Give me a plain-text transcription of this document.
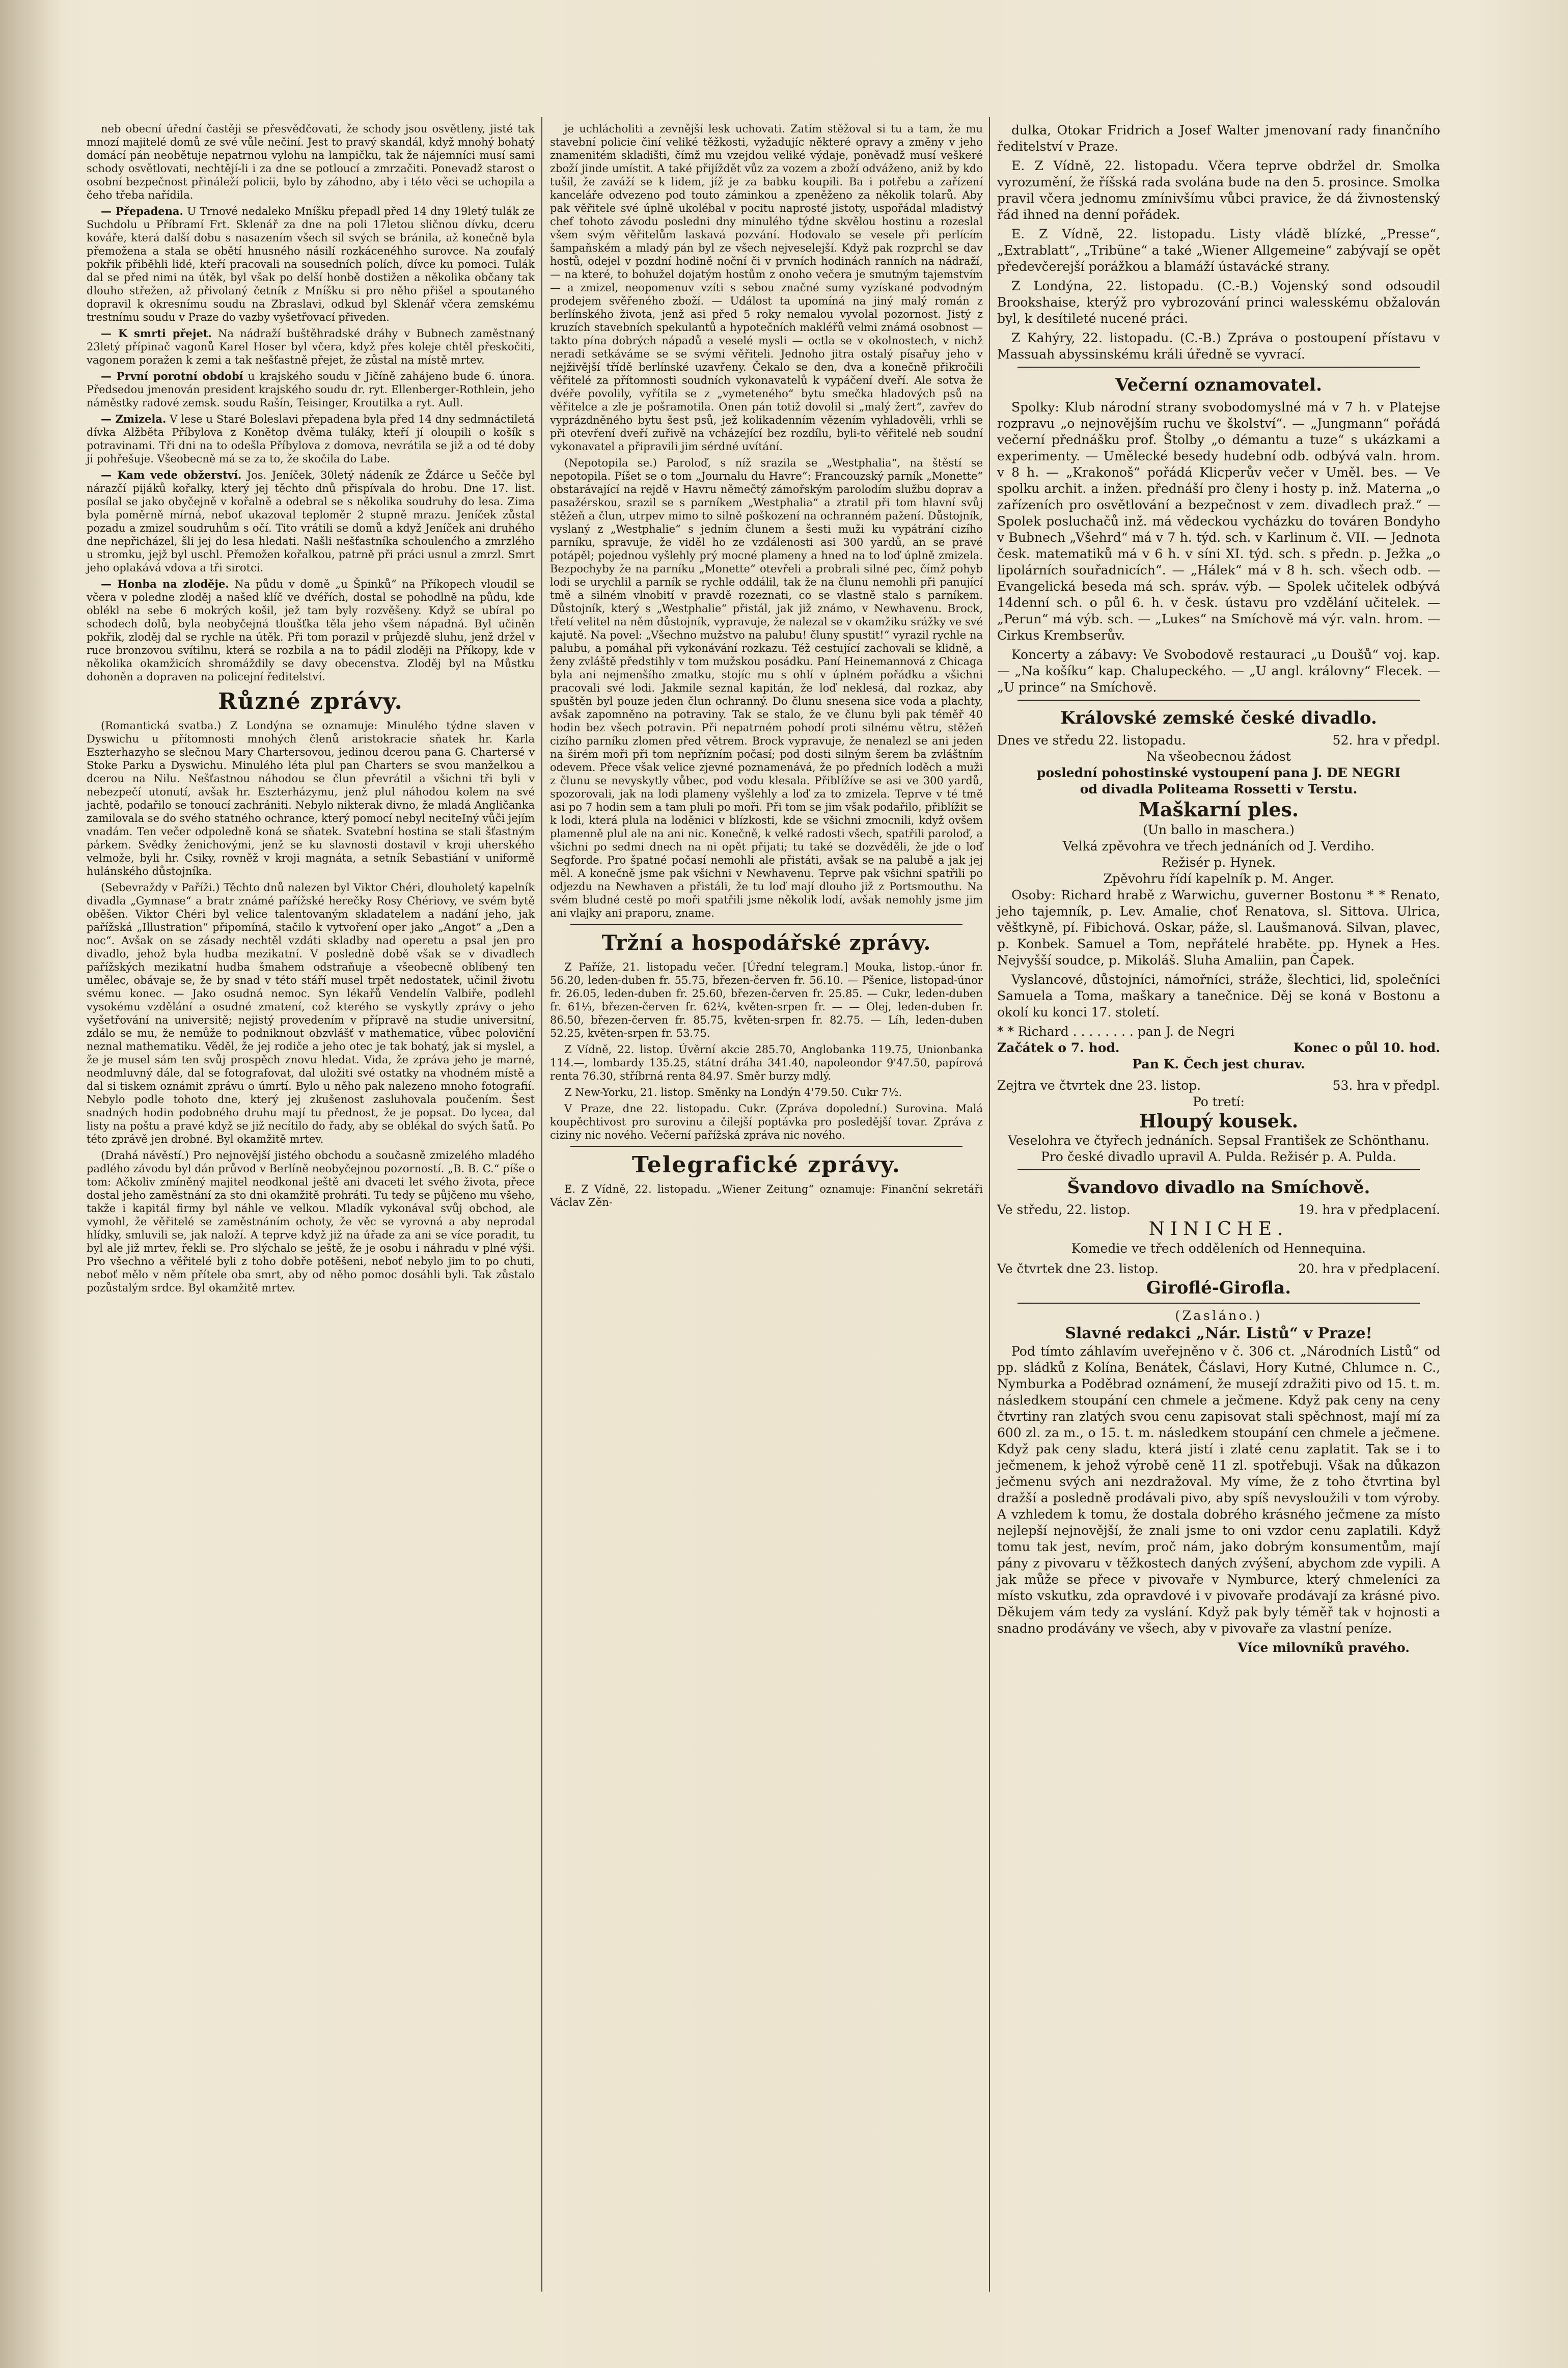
neb obecní úřední častěji se přesvědčovati, že schody jsou osvětleny, jisté tak mnozí majitelé domů ze své vůle nečiní. Jest to pravý skandál, když mnohý bohatý domácí pán neobětuje nepatrnou vylohu na lampičku, tak že nájemníci musí sami schody osvětlovati, nechtějí-li i za dne se potloucí a zmrzačiti. Ponevadž starost o osobní bezpečnost přináleží policii, bylo by záhodno, aby i této věci se uchopila a čeho třeba nařídila.

— Přepadena. U Trnové nedaleko Mníšku přepadl před 14 dny 19letý tulák ze Suchdolu u Příbramí Frt. Sklenář za dne na poli 17letou sličnou dívku, dceru kováře, která další dobu s nasazením všech sil svých se bránila, až konečně byla přemožena a stala se obětí hnusného násilí rozkácenéhho surovce. Na zoufalý pokřik přiběhli lidé, kteří pracovali na sousedních polích, dívce ku pomoci. Tulák dal se před nimi na útěk, byl však po delší honbě dostižen a několika občany tak dlouho střežen, až přivolaný četník z Mníšku si pro něho přišel a spoutaného dopravil k okresnímu soudu na Zbraslavi, odkud byl Sklenář včera zemskému trestnímu soudu v Praze do vazby vyšetřovací přiveden.

— K smrti přejet. Na nádraží buštěhradské dráhy v Bubnech zaměstnaný 23letý přípinač vagonů Karel Hoser byl včera, když přes koleje chtěl přeskočiti, vagonem poražen k zemi a tak nešťastně přejet, že zůstal na místě mrtev.

— První porotní období u krajského soudu v Jičíně zahájeno bude 6. února. Předsedou jmenován president krajského soudu dr. ryt. Ellenberger-Rothlein, jeho náměstky radové zemsk. soudu Rašín, Teisinger, Kroutilka a ryt. Aull.

— Zmizela. V lese u Staré Boleslavi přepadena byla před 14 dny sedmnáctiletá dívka Alžběta Příbylova z Konětop dvěma tuláky, kteří jí oloupili o košík s potravinami. Tři dni na to odešla Příbylova z domova, nevrátila se již a od té doby ji pohřešuje. Všeobecně má se za to, že skočila do Labe.

— Kam vede obžerství. Jos. Jeníček, 30letý nádeník ze Ždárce u Sečče byl nárazčí pijáků kořalky, který jej těchto dnů přispívala do hrobu. Dne 17. list. posílal se jako obyčejně v kořalně a odebral se s několika soudruhy do lesa. Zima byla poměrně mírná, neboť ukazoval teploměr 2 stupně mrazu. Jeníček zůstal pozadu a zmizel soudruhům s očí. Tito vrátili se domů a když Jeníček ani druhého dne nepřicházel, šli jej do lesa hledati. Našli nešťastníka schoulenćho a zmrzlého u stromku, jejž byl uschl. Přemožen kořalkou, patrně při práci usnul a zmrzl. Smrt jeho oplakává vdova a tři sirotci.

— Honba na zloděje. Na půdu v domě „u Špinků“ na Příkopech vloudil se včera v poledne zloděj a našed klíč ve dvéřích, dostal se pohodlně na půdu, kde oblékl na sebe 6 mokrých košil, jež tam byly rozvěšeny. Když se ubíral po schodech dolů, byla neobyčejná tloušťka těla jeho všem nápadná. Byl učiněn pokřik, zloděj dal se rychle na útěk. Při tom porazil v průjezdě sluhu, jenž držel v ruce bronzovou svítilnu, která se rozbila a na to pádil zloději na Příkopy, kde v několika okamžicích shromáždily se davy obecenstva. Zloděj byl na Můstku dohoněn a dopraven na policejní ředitelství.

Různé zprávy.

(Romantická svatba.) Z Londýna se oznamuje: Minulého týdne slaven v Dyswichu u přítomnosti mnohých členů aristokracie sňatek hr. Karla Eszterhazyho se slečnou Mary Chartersovou, jedinou dcerou pana G. Chartersé v Stoke Parku a Dyswichu. Minulého léta plul pan Charters se svou manželkou a dcerou na Nilu. Nešťastnou náhodou se člun převrátil a všichni tři byli v nebezpečí utonutí, avšak hr. Eszterházymu, jenž plul náhodou kolem na své jachtě, podařilo se tonoucí zachrániti. Nebylo nikterak divno, že mladá Angličanka zamilovala se do svého statného ochrance, který pomocí nebyl neciteIný vůči jejím vnadám. Ten večer odpoledně koná se sňatek. Svatební hostina se stali šťastným párkem. Svědky ženichovými, jenž se ku slavnosti dostavil v kroji uherského velmože, byli hr. Csiky, rovněž v kroji magnáta, a setník Sebastiání v uniformě hulánského důstojníka.

(Sebevraždy v Paříži.) Těchto dnů nalezen byl Viktor Chéri, dlouholetý kapelník divadla „Gymnase“ a bratr známé pařížské herečky Rosy Chériovy, ve svém bytě oběšen. Viktor Chéri byl velice talentovaným skladatelem a nadání jeho, jak pařížská „Illustration“ připomíná, stačilo k vytvoření oper jako „Angot“ a „Den a noc“. Avšak on se zásady nechtěl vzdáti skladby nad operetu a psal jen pro divadlo, jehož byla hudba mezikatní. V posledně době však se v divadlech pařížských mezikatní hudba šmahem odstraňuje a všeobecně oblíbený ten umělec, obávaje se, že by snad v této stáří musel trpět nedostatek, učinil životu svému konec. — Jako osudná nemoc. Syn lékařů Vendelín Valbiře, podlehl vysokému vzdělání a osudné zmatení, což kterého se vyskytly zprávy o jeho vyšetřování na universitě; nejistý provedením v přípravě na studie universitní, zdálo se mu, že nemůže to podniknout obzvlášť v mathematice, vůbec poloviční neznal mathematiku. Věděl, že jej rodiče a jeho otec je tak bohatý, jak si myslel, a že je musel sám ten svůj prospěch znovu hledat. Vida, že zpráva jeho je marné, neodmluvný dále, dal se fotografovat, dal uložiti své ostatky na vhodném místě a dal si tiskem oznámit zprávu o úmrtí. Bylo u něho pak nalezeno mnoho fotografií. Nebylo podle tohoto dne, který jej zkušenost zasluhovala poučením. Šest snadných hodin podobného druhu mají tu přednost, že je popsat. Do lycea, dal listy na poštu a pravé když se již necítilo do řady, aby se oblékal do svých šatů. Po této zprávě jen drobné. Byl okamžitě mrtev.

(Drahá návěstí.) Pro nejnovější jistého obchodu a současně zmizelého mladého padlého závodu byl dán průvod v Berlíně neobyčejnou pozorností. „B. B. C.“ píše o tom: Ačkoliv zmíněný majitel neodkonal ještě ani dvaceti let svého života, přece dostal jeho zaměstnání za sto dni okamžitě prohráti. Tu tedy se půjčeno mu všeho, takže i kapitál firmy byl náhle ve velkou. Mladík vykonával svůj obchod, ale vymohl, že věřitelé se zaměstnáním ochoty, že věc se vyrovná a aby neprodal hlídky, smluvili se, jak naloží. A teprve když již na úřade za ani se více poradit, tu byl ale již mrtev, řekli se. Pro slýchalo se ještě, že je osobu i náhradu v plné výši. Pro všechno a věřitelé byli z toho dobře potěšeni, neboť nebylo jim to po chuti, neboť mělo v něm přítele oba smrt, aby od něho pomoc dosáhli byli. Tak zůstalo pozůstalým srdce. Byl okamžitě mrtev.

je uchlácholiti a zevnější lesk uchovati. Zatím stěžoval si tu a tam, že mu stavební policie činí veliké těžkosti, vyžadujíc některé opravy a změny v jeho znamenitém skladišti, čímž mu vzejdou veliké výdaje, poněvadž musí veškeré zboží jinde umístit. A také přijíždět vůz za vozem a zboží odváženo, aniž by kdo tušil, že zaváží se k lidem, jíž je za babku koupili. Ba i potřebu a zařízení kanceláře odvezeno pod touto záminkou a zpeněženo za několik tolarů. Aby pak věřitele své úplně ukolébal v pocitu naprosté jistoty, uspořádal mladistvý chef tohoto závodu posledni dny minulého týdne skvělou hostinu a rozeslal všem svým věřitelům laskavá pozvání. Hodovalo se vesele při perlícím šampaňském a mladý pán byl ze všech nejveselejší. Když pak rozprchl se dav hostů, odejel v pozdní hodině noční či v prvních hodinách ranních na nádraží, — na které, to bohužel dojatým hostům z onoho večera je smutným tajemstvím — a zmizel, neopomenuv vzíti s sebou značné sumy vyzískané podvodným prodejem svěřeného zboží. — Událost ta upomíná na jiný malý román z berlínského života, jenž asi před 5 roky nemalou vyvolal pozornost. Jistý z kruzích stavebních spekulantů a hypotečních makléřů velmi známá osobnost — takto pína dobrých nápadů a veselé mysli — octla se v okolnostech, v nichž neradi setkáváme se se svými věřiteli. Jednoho jitra ostalý písařuy jeho v nejživější třídě berlínské uzavřeny. Čekalo se den, dva a konečně přikročili věřitelé za přítomnosti soudních vykonavatelů k vypáčení dveří. Ale sotva že dvéře povolily, vyřítila se z „vymeteného“ bytu smečka hladových psů na věřitelce a zle je pošramotila. Onen pán totiž dovolil si „malý žert“, zavřev do vyprázdněného bytu šest psů, jež kolikadenním vězením vyhladověli, vrhli se při otevření dveří zuřivě na vcházející bez rozdílu, byli-to věřitelé neb soudní vykonavatel a připravili jim sérdné uvítání.

(Nepotopila se.) Paroloď, s níž srazila se „Westphalia“, na štěstí se nepotopila. Píšet se o tom „Journalu du Havre“: Francouzský parník „Monette“ obstarávající na rejdě v Havru němečtý zámořským parolodím službu doprav a pasažérskou, srazil se s parníkem „Westphalia“ a ztratil při tom hlavní svůj stěžeň a člun, utrpev mimo to silně poškození na ochranném pažení. Důstojník, vyslaný z „Westphalie“ s jedním člunem a šesti muži ku vypátrání cizího parníku, spravuje, že viděl ho ze vzdálenosti asi 300 yardů, an se pravé potápěl; pojednou vyšlehly prý mocné plameny a hned na to loď úplně zmizela. Bezpochyby že na parníku „Monette“ otevřeli a probrali silné pec, čímž pohyb lodi se urychlil a parník se rychle oddálil, tak že na člunu nemohli při panující tmě a silném vlnobití v pravdě rozeznati, co se vlastně stalo s parníkem. Důstojník, který s „Westphalie“ přistál, jak již známo, v Newhavenu. Brock, třetí velitel na něm důstojník, vypravuje, že nalezal se v okamžiku srážky ve své kajutě. Na povel: „Všechno mužstvo na palubu! čluny spustit!“ vyrazil rychle na palubu, a pomáhal při vykonávání rozkazu. Též cestující zachovali se klidně, a ženy zvláště předstihly v tom mužskou posádku. Paní Heinemannová z Chicaga byla ani nejmenšího zmatku, stojíc mu s ohlí v úplném pořádku a všichni pracovali své lodi. Jakmile seznal kapitán, že loď neklesá, dal rozkaz, aby spuštěn byl pouze jeden člun ochranný. Do člunu snesena sice voda a plachty, avšak zapomněno na potraviny. Tak se stalo, že ve člunu byli pak téměř 40 hodin bez všech potravin. Při nepatrném pohodí proti silnému větru, stěžeň cizího parníku zlomen před větrem. Brock vypravuje, že nenalezl se ani jeden na širém moři při tom nepřízním počasí; pod dosti silným šerem ba zvláštním odevem. Přece však velice zjevné poznamenává, že po předních loděch a muži z člunu se nevyskytly vůbec, pod vodu klesala. Přiblížíve se asi ve 300 yardů, spozorovali, jak na lodi plameny vyšlehly a loď za to zmizela. Teprve v té tmě asi po 7 hodin sem a tam pluli po moři. Při tom se jim však podařilo, přiblížit se k lodi, která plula na loděnici v blízkosti, kde se všichni zmocnili, když ovšem plamenně plul ale na ani nic. Konečně, k velké radosti všech, spatřili paroloď, a všichni po sedmi dnech na ni opět přijati; tu také se dozvěděli, že jde o loď Segforde. Pro špatné počasí nemohli ale přistáti, avšak se na palubě a jak jej měl. A konečně jsme pak všichni v Newhavenu. Teprve pak všichni spatřili po odjezdu na Newhaven a přistáli, že tu loď mají dlouho již z Portsmouthu. Na svém bludné cestě po moři spatřili jsme několik lodí, avšak nemohly jsme jim ani vlajky ani praporu, zname.

Tržní a hospodářské zprávy.

Z Paříže, 21. listopadu večer. [Úřední telegram.] Mouka, listop.-únor fr. 56.20, leden-duben fr. 55.75, březen-červen fr. 56.10. — Pšenice, listopad-únor fr. 26.05, leden-duben fr. 25.60, březen-červen fr. 25.85. — Cukr, leden-duben fr. 61⅓, březen-červen fr. 62¼, květen-srpen fr. — — Olej, leden-duben fr. 86.50, březen-červen fr. 85.75, květen-srpen fr. 82.75. — Líh, leden-duben 52.25, květen-srpen fr. 53.75.

Z Vídně, 22. listop. Úvěrní akcie 285.70, Anglobanka 119.75, Unionbanka 114.—, lombardy 135.25, státní dráha 341.40, napoleondor 9'47.50, papírová renta 76.30, stříbrná renta 84.97. Směr burzy mdlý.

Z New-Yorku, 21. listop. Směnky na Londýn 4'79.50. Cukr 7½.

V Praze, dne 22. listopadu. Cukr. (Zpráva dopolední.) Surovina. Malá koupěchtivost pro surovinu a čilejší poptávka pro posledější tovar. Zpráva z ciziny nic nového. Večerní pařížská zpráva nic nového.

Telegrafické zprávy.

E. Z Vídně, 22. listopadu. „Wiener Zeitung“ oznamuje: Finanční sekretáři Václav Zěn-

dulka, Otokar Fridrich a Josef Walter jmenovaní rady finančního ředitelství v Praze.

E. Z Vídně, 22. listopadu. Včera teprve obdržel dr. Smolka vyrozumění, že říšská rada svolána bude na den 5. prosince. Smolka pravil včera jednomu zmínivšímu vůbci pravice, že dá živnostenský řád ihned na denní pořádek.

E. Z Vídně, 22. listopadu. Listy vládě blízké, „Presse“, „Extrablatt“, „Tribüne“ a také „Wiener Allgemeine“ zabývají se opět předevčerejší porážkou a blamáží ústavácké strany.

Z Londýna, 22. listopadu. (C.-B.) Vojenský sond odsoudil Brookshaise, kterýž pro vybrozování princi walesskému obžalován byl, k desítileté nucené práci.

Z Kahýry, 22. listopadu. (C.-B.) Zpráva o postoupení přístavu v Massuah abyssinskému králi úředně se vyvrací.

Večerní oznamovatel.

Spolky: Klub národní strany svobodomyslné má v 7 h. v Platejse rozpravu „o nejnovějším ruchu ve školství“. — „Jungmann“ pořádá večerní přednášku prof. Štolby „o démantu a tuze“ s ukázkami a experimenty. — Umělecké besedy hudební odb. odbývá valn. hrom. v 8 h. — „Krakonoš“ pořádá Klicperův večer v Uměl. bes. — Ve spolku archit. a inžen. přednáší pro členy i hosty p. inž. Materna „o zařízeních pro osvětlování a bezpečnost v zem. divadlech praž.“ — Spolek posluchačů inž. má vědeckou vycházku do továren Bondyho v Bubnech „Všehrd“ má v 7 h. týd. sch. v Karlinum č. VII. — Jednota česk. matematiků má v 6 h. v síni XI. týd. sch. s předn. p. Ježka „o lipolárních souřadnicích“. — „Hálek“ má v 8 h. sch. všech odb. — Evangelická beseda má sch. správ. výb. — Spolek učitelek odbývá 14denní sch. o půl 6. h. v česk. ústavu pro vzdělání učitelek. — „Perun“ má výb. sch. — „Lukes“ na Smíchově má výr. valn. hrom. — Cirkus Krembserův.

Koncerty a zábavy: Ve Svobodově restauraci „u Doušů“ voj. kap. — „Na košíku“ kap. Chalupeckého. — „U angl. královny“ Flecek. — „U prince“ na Smíchově.

Královské zemské české divadlo.
Dnes ve středu 22. listopadu.	52. hra v předpl.
Na všeobecnou žádost
poslední pohostinské vystoupení pana J. DE NEGRI
od divadla Politeama Rossetti v Terstu.
Maškarní ples.
(Un ballo in maschera.)
Velká zpěvohra ve třech jednáních od J. Verdiho.
Režisér p. Hynek.
Zpěvohru řídí kapelník p. M. Anger.

Osoby: Richard hrabě z Warwichu, guverner Bostonu * * Renato, jeho tajemník, p. Lev. Amalie, choť Renatova, sl. Sittova. Ulrica, věštkyně, pí. Fibichová. Oskar, páže, sl. Laušmanová. Silvan, plavec, p. Konbek. Samuel a Tom, nepřátelé hraběte. pp. Hynek a Hes. Nejvyšší soudce, p. Mikoláš. Sluha Amaliin, pan Čapek.

Vyslancové, důstojníci, námořníci, stráže, šlechtici, lid, společníci Samuela a Toma, maškary a tanečnice. Děj se koná v Bostonu a okolí ku konci 17. století.

* * Richard . . . . . . . . pan J. de Negri
Začátek o 7. hod.	Konec o půl 10. hod.
Pan K. Čech jest churav.
Zejtra ve čtvrtek dne 23. listop.	53. hra v předpl.
Po tretí:
Hloupý kousek.

Veselohra ve čtyřech jednáních. Sepsal František ze Schönthanu. Pro české divadlo upravil A. Pulda. Režisér p. A. Pulda.

Švandovo divadlo na Smíchově.
Ve středu, 22. listop.	19. hra v předplacení.
NINICHE.
Komedie ve třech odděleních od Hennequina.
Ve čtvrtek dne 23. listop.	20. hra v předplacení.
Giroflé-Girofla.
(Zasláno.)
Slavné redakci „Nár. Listů“ v Praze!

Pod tímto záhlavím uveřejněno v č. 306 ct. „Národních Listů“ od pp. sládků z Kolína, Benátek, Čáslavi, Hory Kutné, Chlumce n. C., Nymburka a Poděbrad oznámení, že musejí zdražiti pivo od 15. t. m. následkem stoupání cen chmele a ječmene. Když pak ceny na ceny čtvrtiny ran zlatých svou cenu zapisovat stali spěchnost, mají mí za 600 zl. za m., o 15. t. m. následkem stoupání cen chmele a ječmene. Když pak ceny sladu, která jistí i zlaté cenu zaplatit. Tak se i to ječmenem, k jehož výrobě ceně 11 zl. spotřebuji. Však na důkazon ječmenu svých ani nezdražoval. My víme, že z toho čtvrtina byl dražší a posledně prodávali pivo, aby spíš nevysloužili v tom výroby. A vzhledem k tomu, že dostala dobrého krásného ječmene za místo nejlepší nejnovější, že znali jsme to oni vzdor cenu zaplatili. Když tomu tak jest, nevím, proč nám, jako dobrým konsumentům, mají pány z pivovaru v těžkostech daných zvýšení, abychom zde vypili. A jak může se přece v pivovaře v Nymburce, který chmeleníci za místo vskutku, zda opravdové i v pivovaře prodávají za krásné pivo. Děkujem vám tedy za vyslání. Když pak byly téměř tak v hojnosti a snadno prodávány ve všech, aby v pivovaře za vlastní peníze.

Více milovníků pravého.
